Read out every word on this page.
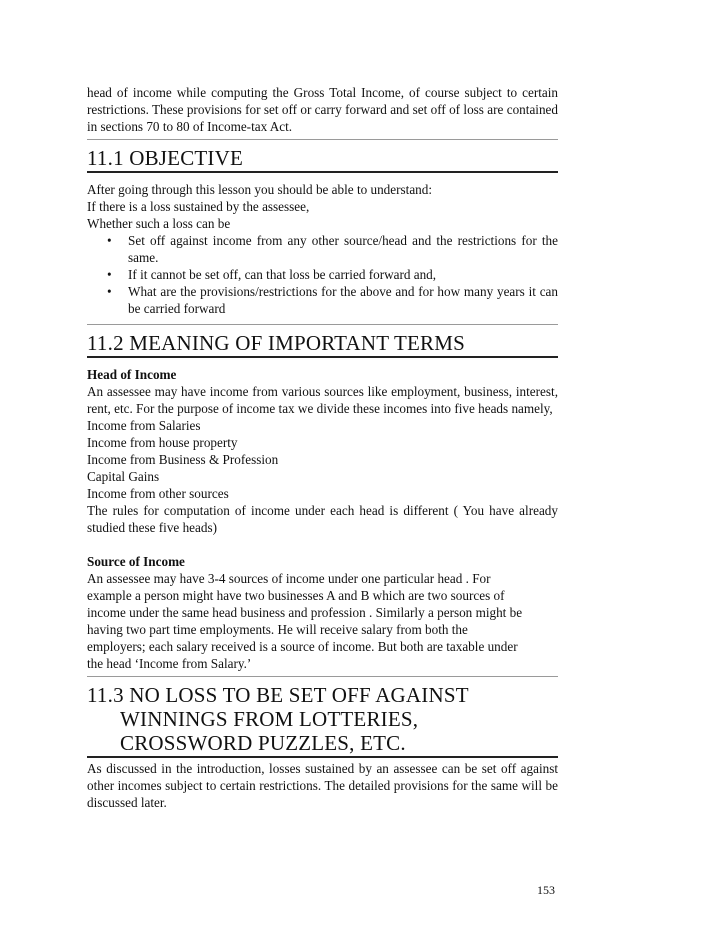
head of income while computing the Gross Total Income, of course subject to certain restrictions. These provisions for set off or carry forward and set off of loss are contained in sections 70 to 80 of Income-tax Act.

11.1 OBJECTIVE

After going through this lesson you should be able to understand:

If there is a loss sustained by the assessee,

Whether such a loss can be

• Set off against income from any other source/head and the restrictions for the same.
• If it cannot be set off, can that loss be carried forward and,
• What are the provisions/restrictions for the above and for how many years it can be carried forward
11.2 MEANING OF IMPORTANT TERMS

Head of Income

An assessee may have income from various sources like employment, business, interest, rent, etc. For the purpose of income tax we divide these incomes into five heads namely,

Income from Salaries

Income from house property

Income from Business & Profession

Capital Gains

Income from other sources

The rules for computation of income under each head is different ( You have already studied these five heads)

Source of Income

An assessee may have 3-4 sources of income under one particular head . For

example a person might have two businesses A and B which are two sources of

income under the same head business and profession . Similarly a person might be

having two part time employments. He will receive salary from both the

employers; each salary received is a source of income. But both are taxable under

the head ‘Income from Salary.’

11.3 NO LOSS TO BE SET OFF AGAINST
WINNINGS FROM LOTTERIES,
CROSSWORD PUZZLES, ETC.

As discussed in the introduction, losses sustained by an assessee can be set off against other incomes subject to certain restrictions. The detailed provisions for the same will be discussed later.

153
